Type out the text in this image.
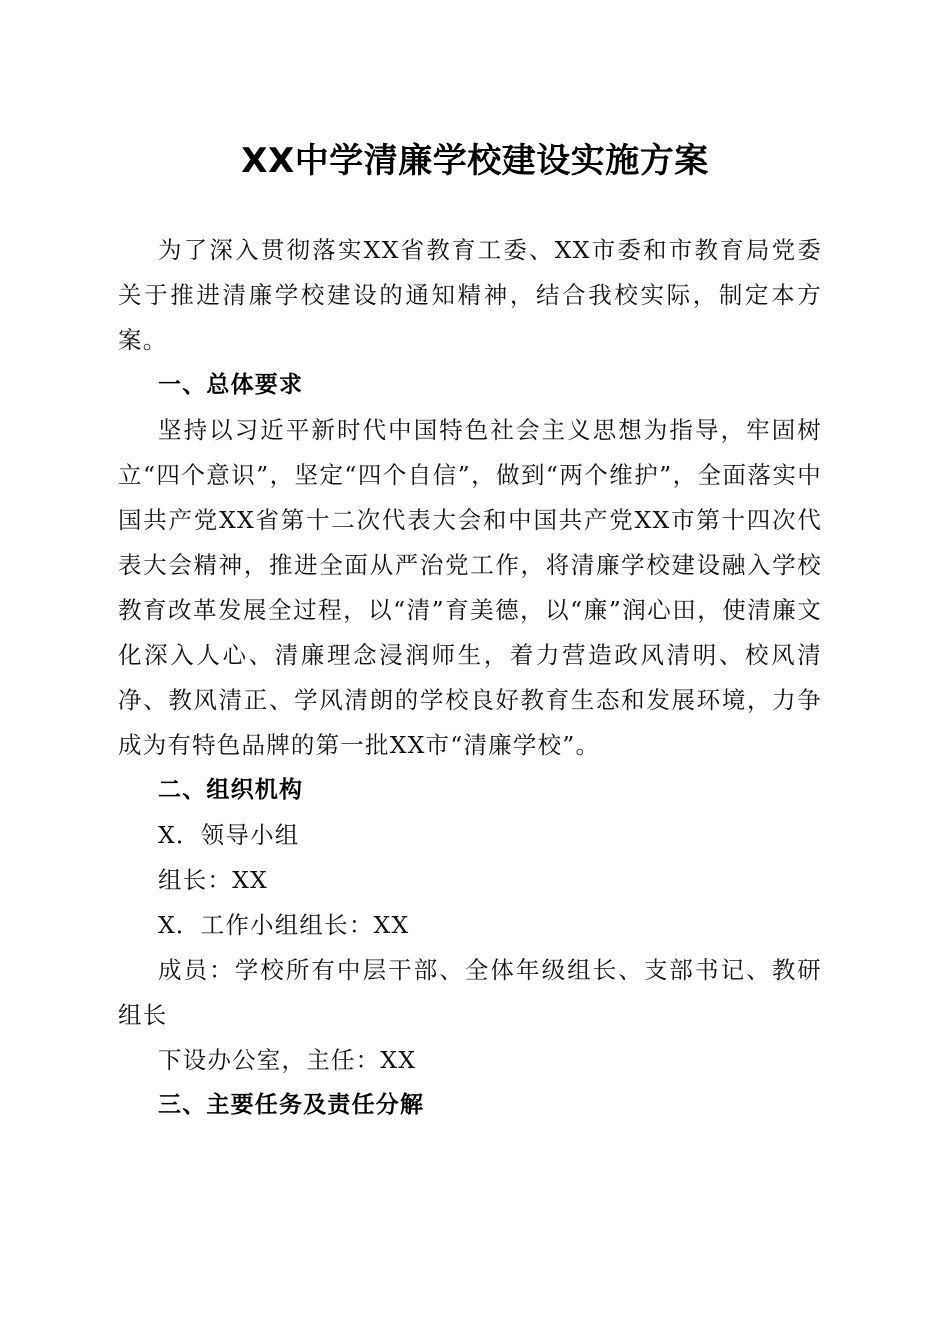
XX中学清廉学校建设实施方案

为了深入贯彻落实XX省教育工委、XX市委和市教育局党委关于推进清廉学校建设的通知精神，结合我校实际，制定本方案。

一、总体要求

坚持以习近平新时代中国特色社会主义思想为指导，牢固树立“四个意识”，坚定“四个自信”，做到“两个维护”，全面落实中国共产党XX省第十二次代表大会和中国共产党XX市第十四次代表大会精神，推进全面从严治党工作，将清廉学校建设融入学校教育改革发展全过程，以“清”育美德，以“廉”润心田，使清廉文化深入人心、清廉理念浸润师生，着力营造政风清明、校风清净、教风清正、学风清朗的学校良好教育生态和发展环境，力争成为有特色品牌的第一批XX市“清廉学校”。

二、组织机构

X．领导小组

组长：XX

X．工作小组组长：XX

成员：学校所有中层干部、全体年级组长、支部书记、教研组长

下设办公室，主任：XX

三、主要任务及责任分解
